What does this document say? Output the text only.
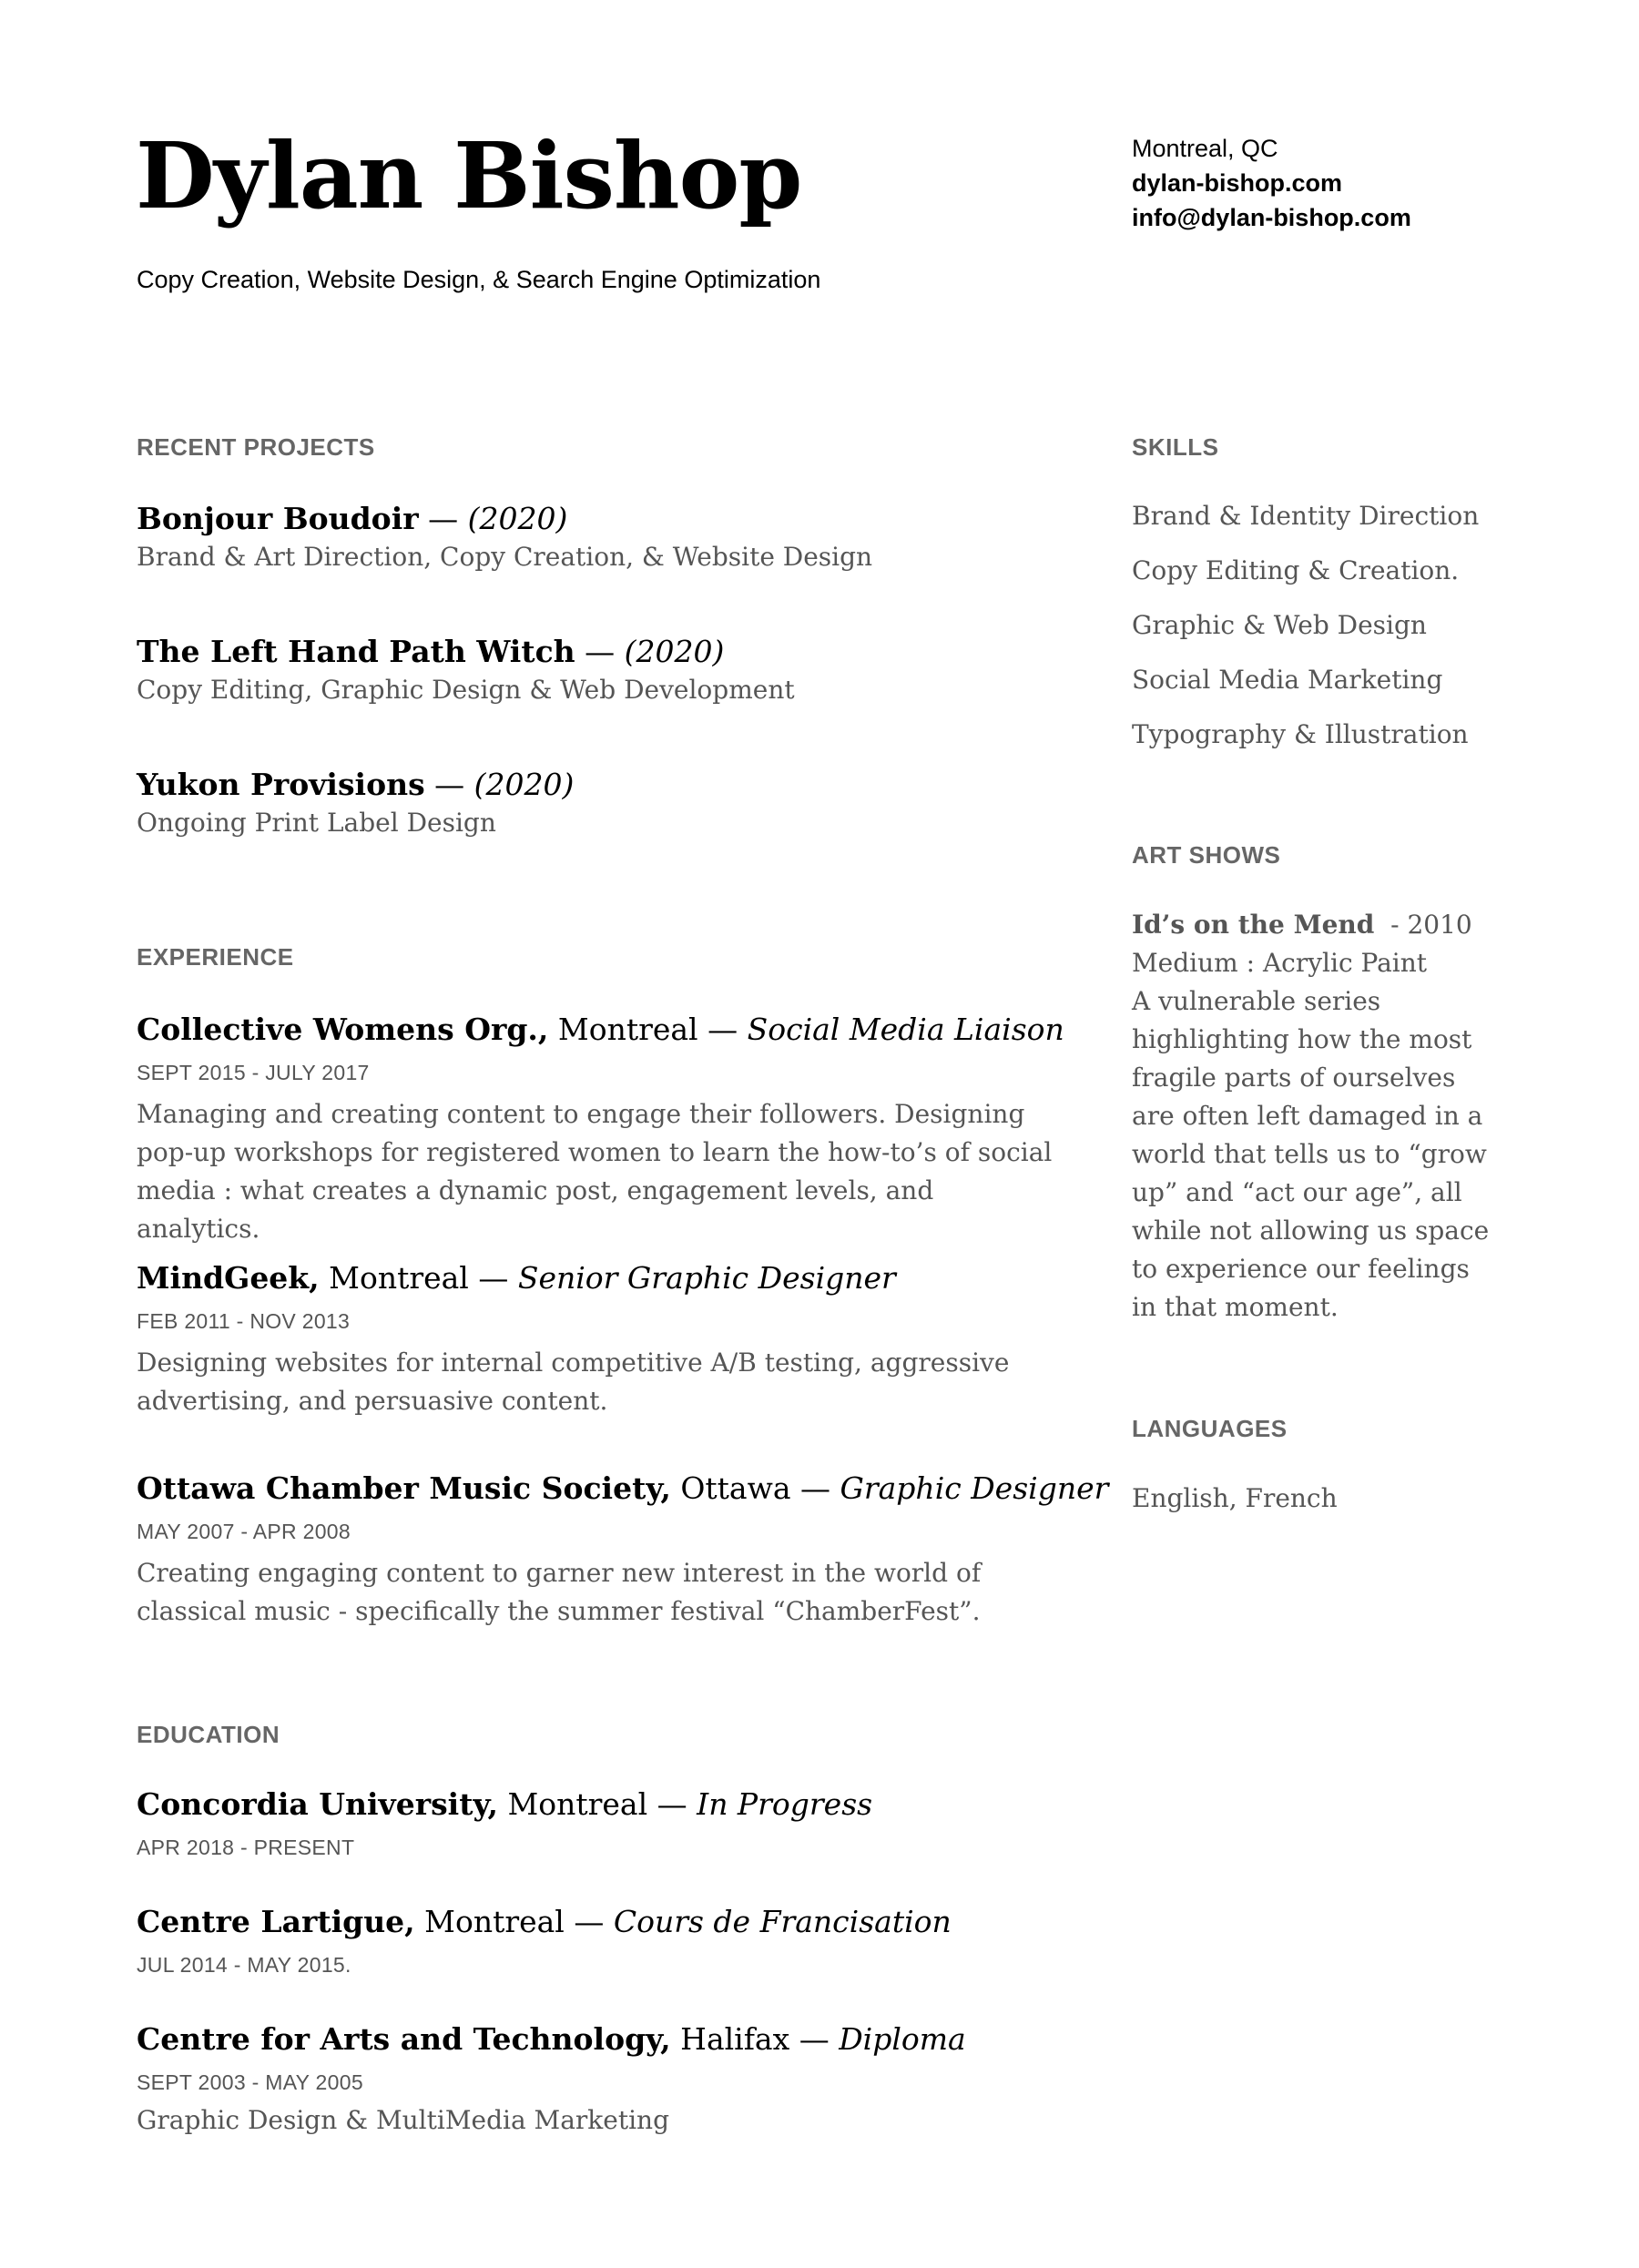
Dylan Bishop
Copy Creation, Website Design, & Search Engine Optimization
Montreal, QC
dylan-bishop.com
info@dylan-bishop.com
RECENT PROJECTS
Bonjour Boudoir — (2020)
Brand & Art Direction, Copy Creation, & Website Design
The Left Hand Path Witch — (2020)
Copy Editing, Graphic Design & Web Development
Yukon Provisions — (2020)
Ongoing Print Label Design
EXPERIENCE
Collective Womens Org., Montreal — Social Media Liaison
SEPT 2015 - JULY 2017
Managing and creating content to engage their followers. Designing pop-up workshops for registered women to learn the how-to’s of social media : what creates a dynamic post, engagement levels, and analytics.
MindGeek, Montreal — Senior Graphic Designer
FEB 2011 - NOV 2013
Designing websites for internal competitive A/B testing, aggressive advertising, and persuasive content.
Ottawa Chamber Music Society, Ottawa — Graphic Designer
MAY 2007 - APR 2008
Creating engaging content to garner new interest in the world of classical music - specifically the summer festival “ChamberFest”.
EDUCATION
Concordia University, Montreal — In Progress
APR 2018 - PRESENT
Centre Lartigue, Montreal — Cours de Francisation
JUL 2014 - MAY 2015.
Centre for Arts and Technology, Halifax — Diploma
SEPT 2003 - MAY 2005
Graphic Design & MultiMedia Marketing
SKILLS
Brand & Identity Direction
Copy Editing & Creation.
Graphic & Web Design
Social Media Marketing
Typography & Illustration
ART SHOWS
Id’s on the Mend  - 2010
Medium : Acrylic Paint
A vulnerable series
highlighting how the most
fragile parts of ourselves
are often left damaged in a
world that tells us to “grow
up” and “act our age”, all
while not allowing us space
to experience our feelings
in that moment.
LANGUAGES
English, French
